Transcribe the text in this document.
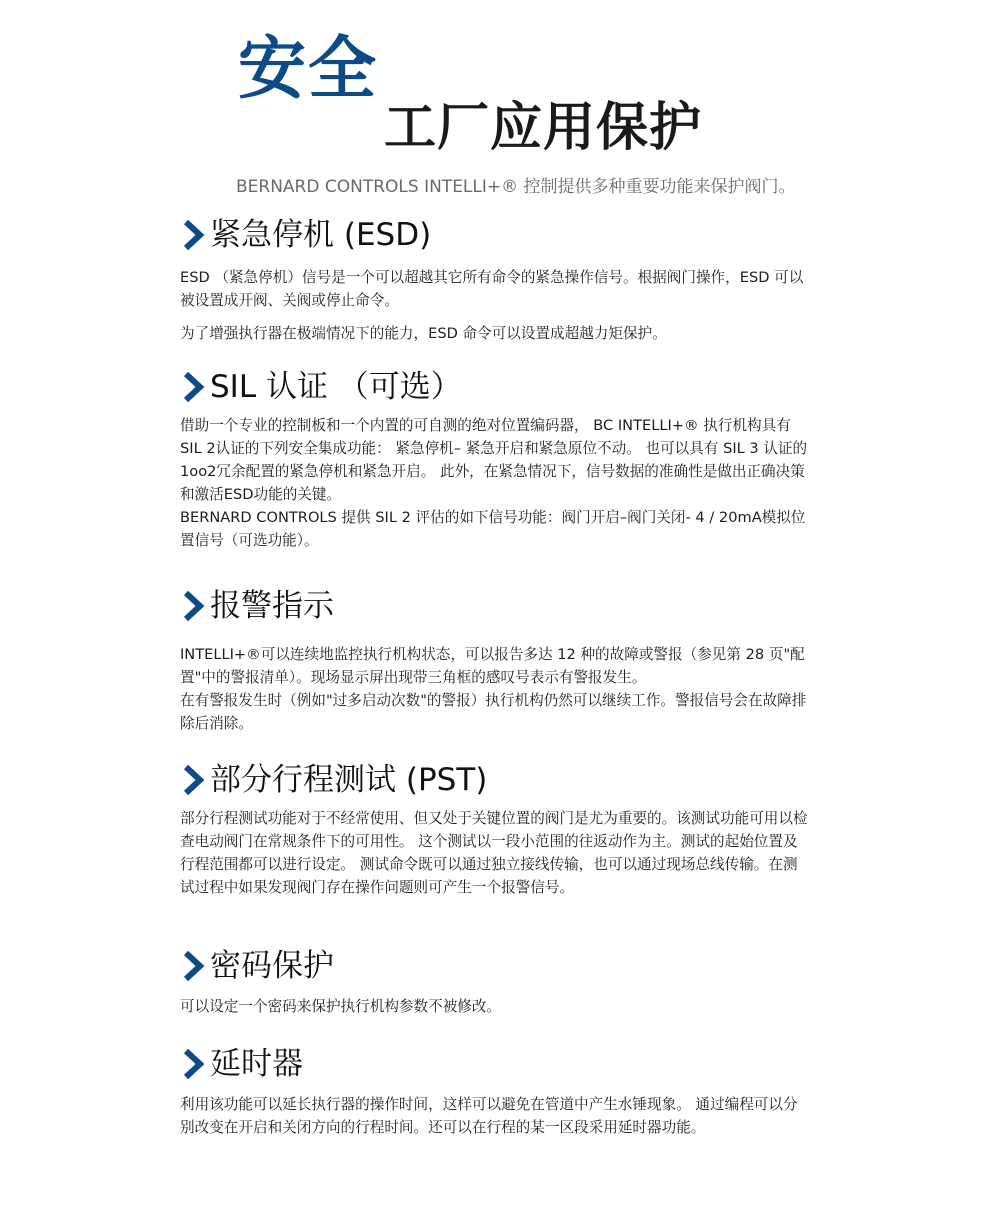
安全
工厂应用保护

BERNARD CONTROLS INTELLI+® 控制提供多种重要功能来保护阀门。

紧急停机 (ESD)

ESD （紧急停机）信号是一个可以超越其它所有命令的紧急操作信号。根据阀门操作，ESD 可以被设置成开阀、关阀或停止命令。

为了增强执行器在极端情况下的能力，ESD 命令可以设置成超越力矩保护。

SIL 认证 （可选）

借助一个专业的控制板和一个内置的可自测的绝对位置编码器， BC INTELLI+® 执行机构具有 SIL 2认证的下列安全集成功能： 紧急停机– 紧急开启和紧急原位不动。 也可以具有 SIL 3 认证的1oo2冗余配置的紧急停机和紧急开启。 此外，在紧急情况下，信号数据的准确性是做出正确决策和激活ESD功能的关键。

BERNARD CONTROLS 提供 SIL 2 评估的如下信号功能：阀门开启–阀门关闭- 4 / 20mA模拟位置信号（可选功能）。

报警指示

INTELLI+®可以连续地监控执行机构状态，可以报告多达 12 种的故障或警报（参见第 28 页"配置"中的警报清单）。现场显示屏出现带三角框的感叹号表示有警报发生。

在有警报发生时（例如"过多启动次数"的警报）执行机构仍然可以继续工作。警报信号会在故障排除后消除。

部分行程测试 (PST)

部分行程测试功能对于不经常使用、但又处于关键位置的阀门是尤为重要的。该测试功能可用以检查电动阀门在常规条件下的可用性。 这个测试以一段小范围的往返动作为主。测试的起始位置及行程范围都可以进行设定。 测试命令既可以通过独立接线传输，也可以通过现场总线传输。在测试过程中如果发现阀门存在操作问题则可产生一个报警信号。

密码保护

可以设定一个密码来保护执行机构参数不被修改。

延时器

利用该功能可以延长执行器的操作时间，这样可以避免在管道中产生水锤现象。 通过编程可以分别改变在开启和关闭方向的行程时间。还可以在行程的某一区段采用延时器功能。
